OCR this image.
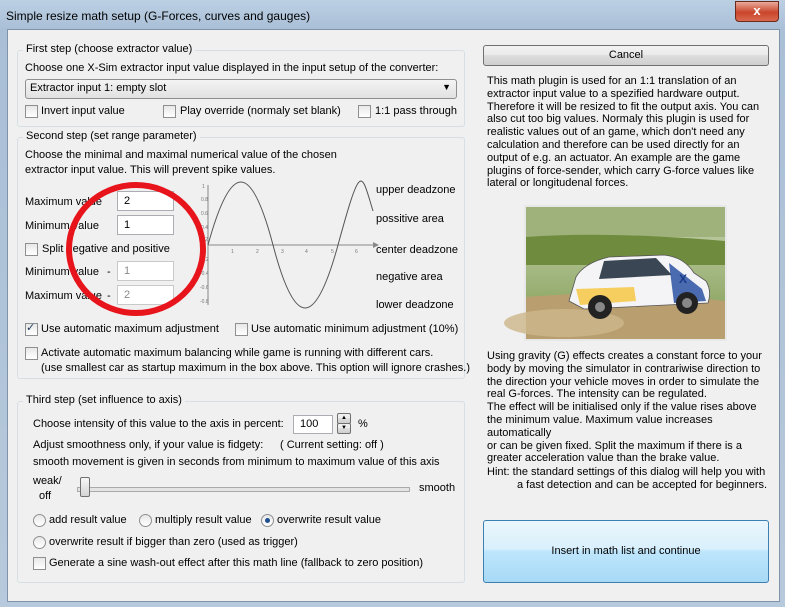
Simple resize math setup (G-Forces, curves and gauges)	x
First step (choose extractor value)
Choose one X-Sim extractor input value displayed in the input setup of the converter:
Extractor input 1: empty slot	▼
Invert input value	Play override (normaly set blank)	1:1 pass through
Second step (set range parameter)
Choose the minimal and maximal numerical value of the chosen
extractor input value. This will prevent spike values.
Maximum value	2
Minimum value	1
Split negative and positive
Minimum value -	1
Maximum value -	2
1
0.8
0.6
0.4
0.2
-0.2
-0.4
-0.6
-0.8
1	2	3	4	5	6
upper deadzone
possitive area
center deadzone
negative area
lower deadzone
✓
Use automatic maximum adjustment	Use automatic minimum adjustment (10%)
Activate automatic maximum balancing while game is running with different cars.
(use smallest car as startup maximum in the box above. This option will ignore crashes.)
Third step (set influence to axis)
Choose intensity of this value to the axis in percent:	100	▲
▼	%
Adjust smoothness only, if your value is fidgety: ( Current setting: off )
smooth movement is given in seconds from minimum to maximum value of this axis
weak/
off
smooth
add result value	multiply result value overwrite result value
overwrite result if bigger than zero (used as trigger)
Generate a sine wash-out effect after this math line (fallback to zero position)
Cancel
This math plugin is used for an 1:1 translation of an
extractor input value to a spezified hardware output.
Therefore it will be resized to fit the output axis. You can
also cut too big values. Normaly this plugin is used for
realistic values out of an game, which don't need any
calculation and therefore can be used directly for an
output of e.g. an actuator. An example are the game
plugins of force-sender, which carry G-force values like
lateral or longitudenal forces.
X
Using gravity (G) effects creates a constant force to your
body by moving the simulator in contrariwise direction to
the direction your vehicle moves in order to simulate the
real G-forces. The intensity can be regulated.
The effect will be initialised only if the value rises above
the minimum value. Maximum value increases automatically
or can be given fixed. Split the maximum if there is a
greater acceleration value than the brake value.
Hint: the standard settings of this dialog will help you with
a fast detection and can be accepted for beginners.
Insert in math list and continue
